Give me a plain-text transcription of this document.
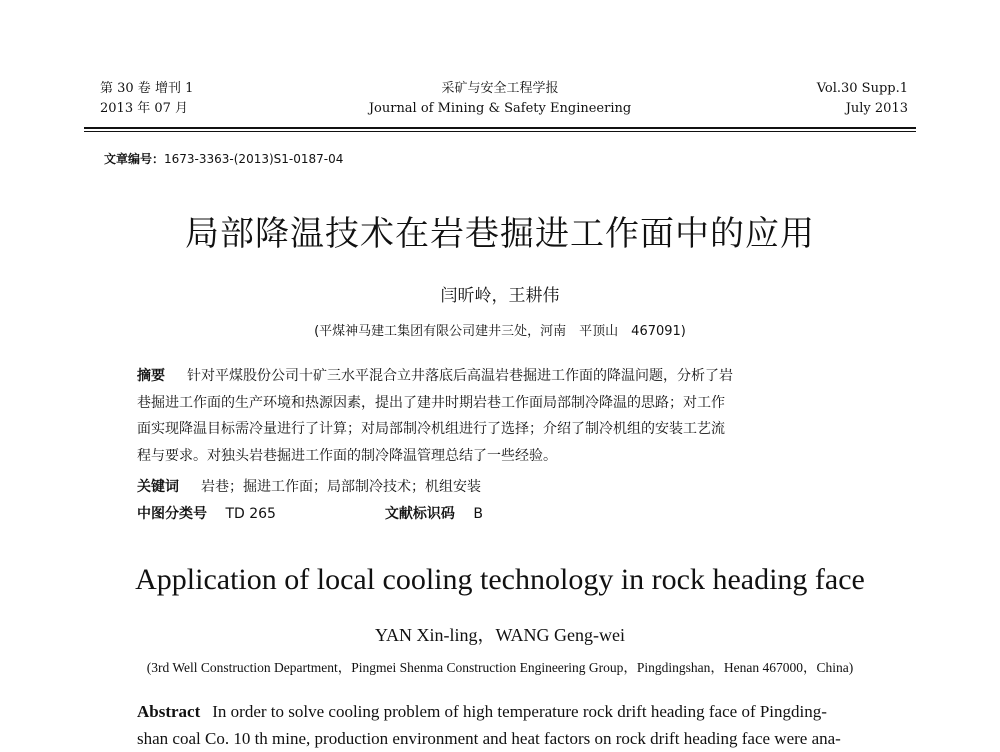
第 30 卷 增刊 1
2013 年 07 月
采矿与安全工程学报
Journal of Mining & Safety Engineering
Vol.30 Supp.1
July 2013
文章编号：1673-3363-(2013)S1-0187-04
局部降温技术在岩巷掘进工作面中的应用
闫昕岭，王耕伟
(平煤神马建工集团有限公司建井三处，河南　平顶山　467091)
摘要 针对平煤股份公司十矿三水平混合立井落底后高温岩巷掘进工作面的降温问题，分析了岩
巷掘进工作面的生产环境和热源因素，提出了建井时期岩巷工作面局部制冷降温的思路；对工作
面实现降温目标需冷量进行了计算；对局部制冷机组进行了选择；介绍了制冷机组的安装工艺流
程与要求。对独头岩巷掘进工作面的制冷降温管理总结了一些经验。
关键词 岩巷；掘进工作面；局部制冷技术；机组安装
中图分类号 TD 265	文献标识码 B
Application of local cooling technology in rock heading face
YAN Xin-ling，WANG Geng-wei
(3rd Well Construction Department，Pingmei Shenma Construction Engineering Group，Pingdingshan，Henan 467000，China)
Abstract In order to solve cooling problem of high temperature rock drift heading face of Pingding-
shan coal Co. 10 th mine, production environment and heat factors on rock drift heading face were ana-
